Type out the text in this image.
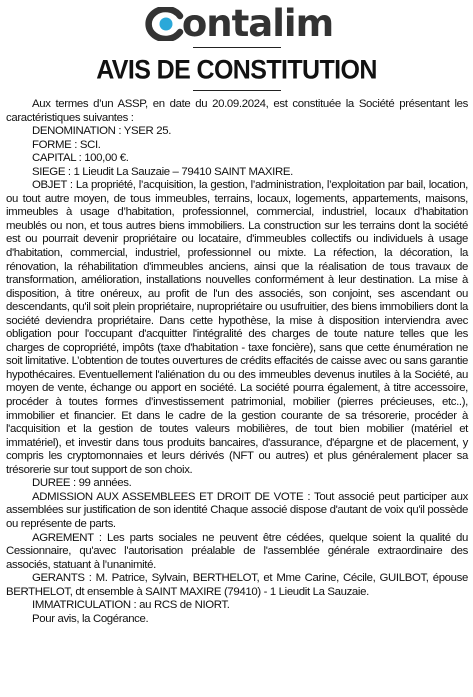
ontalim
AVIS DE CONSTITUTION

Aux termes d’un ASSP, en date du 20.09.2024, est constituée la Société présentant les caractéristiques suivantes :

DENOMINATION : YSER 25.

FORME : SCI.

CAPITAL : 100,00 €.

SIEGE : 1 Lieudit La Sauzaie – 79410 SAINT MAXIRE.

OBJET : La propriété, l’acquisition, la gestion, l’administration, l’exploitation par bail, location, ou tout autre moyen, de tous immeubles, terrains, locaux, logements, appartements, maisons, immeubles à usage d’habitation, professionnel, commercial, industriel, locaux d’habitation meublés ou non, et tous autres biens immobiliers. La construction sur les terrains dont la société est ou pourrait devenir propriétaire ou locataire, d'immeubles collectifs ou individuels à usage d'habitation, commercial, industriel, professionnel ou mixte. La réfection, la décoration, la rénovation, la réhabilitation d'immeubles anciens, ainsi que la réalisation de tous travaux de transformation, amélioration, installations nouvelles conformément à leur destination. La mise à disposition, à titre onéreux, au profit de l'un des associés, son conjoint, ses ascendant ou descendants, qu'il soit plein propriétaire, nupropriétaire ou usufruitier, des biens immobiliers dont la société deviendra propriétaire. Dans cette hypothèse, la mise à disposition interviendra avec obligation pour l'occupant d'acquitter l'intégralité des charges de toute nature telles que les charges de copropriété, impôts (taxe d'habitation - taxe foncière), sans que cette énumération ne soit limitative. L’obtention de toutes ouvertures de crédits effacités de caisse avec ou sans garantie hypothécaires. Eventuellement l'aliénation du ou des immeubles devenus inutiles à la Société, au moyen de vente, échange ou apport en société. La société pourra également, à titre accessoire, procéder à toutes formes d’investissement patrimonial, mobilier (pierres précieuses, etc..), immobilier et financier. Et dans le cadre de la gestion courante de sa trésorerie, procéder à l'acquisition et la gestion de toutes valeurs mobilières, de tout bien mobilier (matériel et immatériel), et investir dans tous produits bancaires, d'assurance, d'épargne et de placement, y compris les cryptomonnaies et leurs dérivés (NFT ou autres) et plus généralement placer sa trésorerie sur tout support de son choix.

DUREE : 99 années.

ADMISSION AUX ASSEMBLEES ET DROIT DE VOTE : Tout associé peut participer aux assemblées sur justification de son identité Chaque associé dispose d'autant de voix qu'il possède ou représente de parts.

AGREMENT : Les parts sociales ne peuvent être cédées, quelque soient la qualité du Cessionnaire, qu'avec l'autorisation préalable de l'assemblée générale extraordinaire des associés, statuant à l’unanimité.

GERANTS : M. Patrice, Sylvain, BERTHELOT, et Mme Carine, Cécile, GUILBOT, épouse BERTHELOT, dt ensemble à SAINT MAXIRE (79410) - 1 Lieudit La Sauzaie.

IMMATRICULATION : au RCS de NIORT.

Pour avis, la Cogérance.
